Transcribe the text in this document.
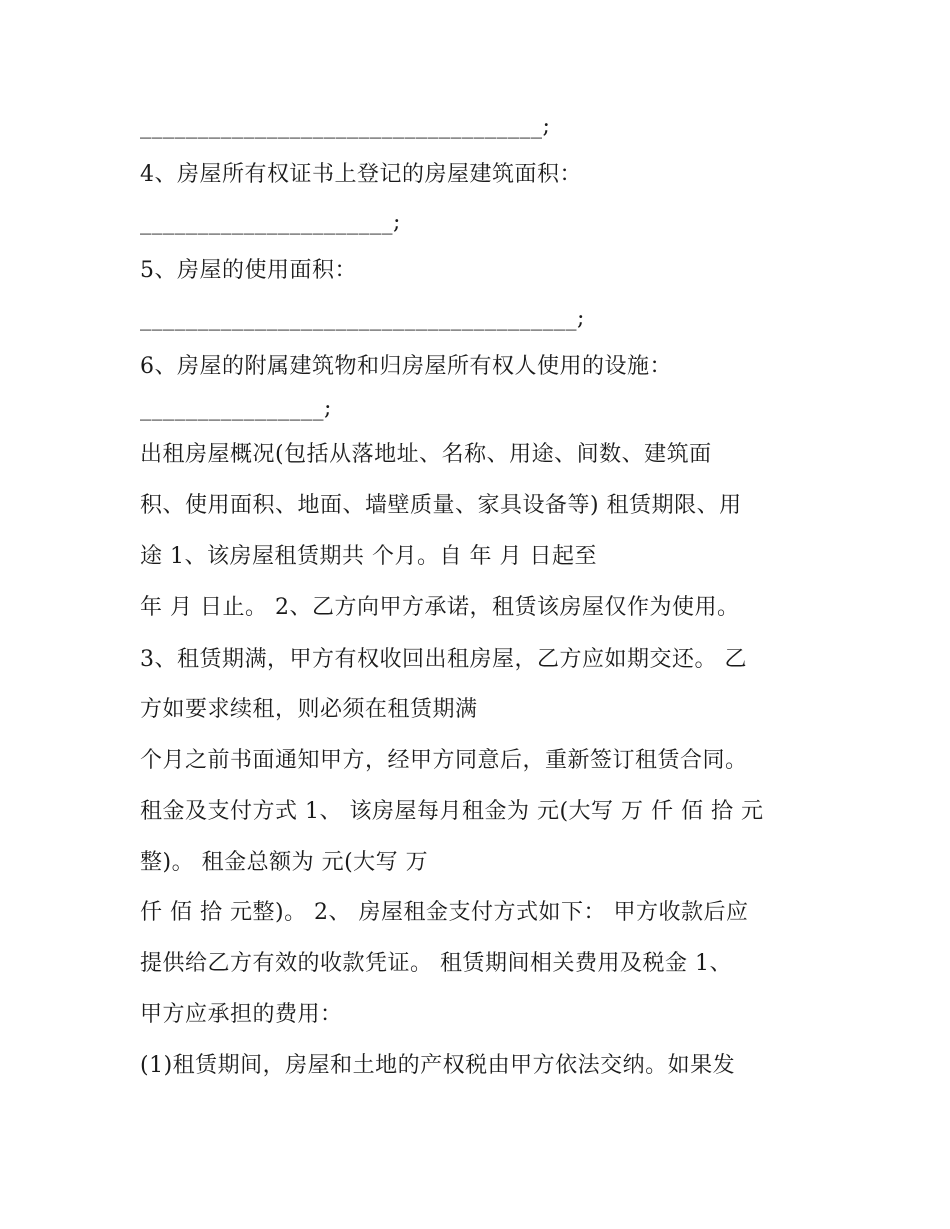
___________________________________;
4、房屋所有权证书上登记的房屋建筑面积：
______________________;
5、房屋的使用面积：
______________________________________;
6、房屋的附属建筑物和归房屋所有权人使用的设施：
________________;
出租房屋概况(包括从落地址、名称、用途、间数、建筑面
积、使用面积、地面、墙壁质量、家具设备等) 租赁期限、用
途 1、该房屋租赁期共 个月。自 年 月 日起至
年 月 日止。 2、乙方向甲方承诺，租赁该房屋仅作为使用。
3、租赁期满，甲方有权收回出租房屋，乙方应如期交还。 乙
方如要求续租，则必须在租赁期满
个月之前书面通知甲方，经甲方同意后，重新签订租赁合同。
租金及支付方式 1、 该房屋每月租金为 元(大写 万 仟 佰 拾 元
整)。 租金总额为 元(大写 万
仟 佰 拾 元整)。 2、 房屋租金支付方式如下： 甲方收款后应
提供给乙方有效的收款凭证。 租赁期间相关费用及税金 1、
甲方应承担的费用：
(1)租赁期间，房屋和土地的产权税由甲方依法交纳。如果发
